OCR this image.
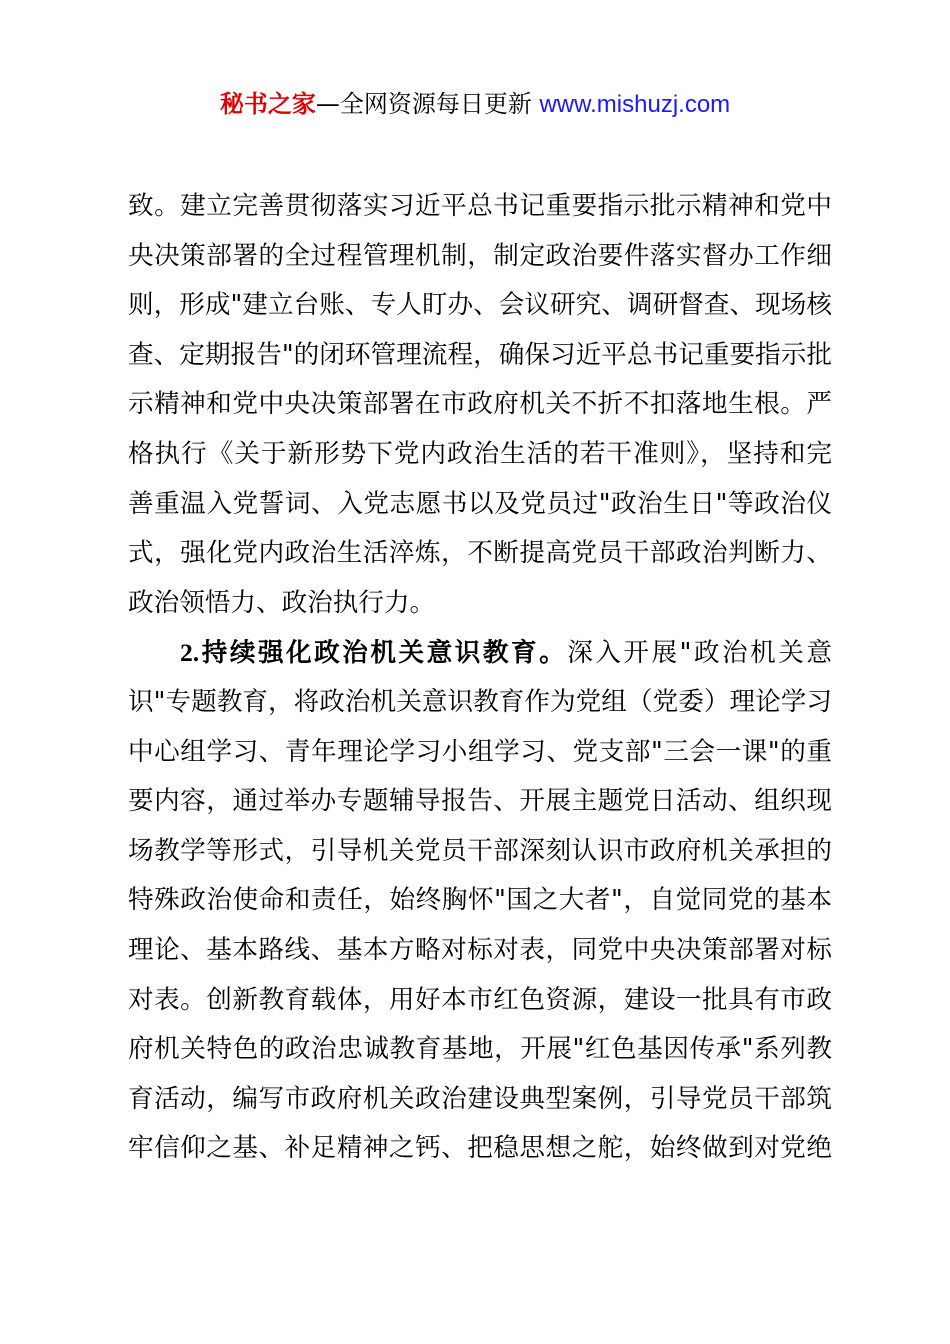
秘书之家—全网资源每日更新 www.mishuzj.com
致。建立完善贯彻落实习近平总书记重要指示批示精神和党中
央决策部署的全过程管理机制，制定政治要件落实督办工作细
则，形成"建立台账、专人盯办、会议研究、调研督查、现场核
查、定期报告"的闭环管理流程，确保习近平总书记重要指示批
示精神和党中央决策部署在市政府机关不折不扣落地生根。严
格执行《关于新形势下党内政治生活的若干准则》，坚持和完
善重温入党誓词、入党志愿书以及党员过"政治生日"等政治仪
式，强化党内政治生活淬炼，不断提高党员干部政治判断力、
政治领悟力、政治执行力。
2.持续强化政治机关意识教育。深入开展"政治机关意
识"专题教育，将政治机关意识教育作为党组（党委）理论学习
中心组学习、青年理论学习小组学习、党支部"三会一课"的重
要内容，通过举办专题辅导报告、开展主题党日活动、组织现
场教学等形式，引导机关党员干部深刻认识市政府机关承担的
特殊政治使命和责任，始终胸怀"国之大者"，自觉同党的基本
理论、基本路线、基本方略对标对表，同党中央决策部署对标
对表。创新教育载体，用好本市红色资源，建设一批具有市政
府机关特色的政治忠诚教育基地，开展"红色基因传承"系列教
育活动，编写市政府机关政治建设典型案例，引导党员干部筑
牢信仰之基、补足精神之钙、把稳思想之舵，始终做到对党绝
